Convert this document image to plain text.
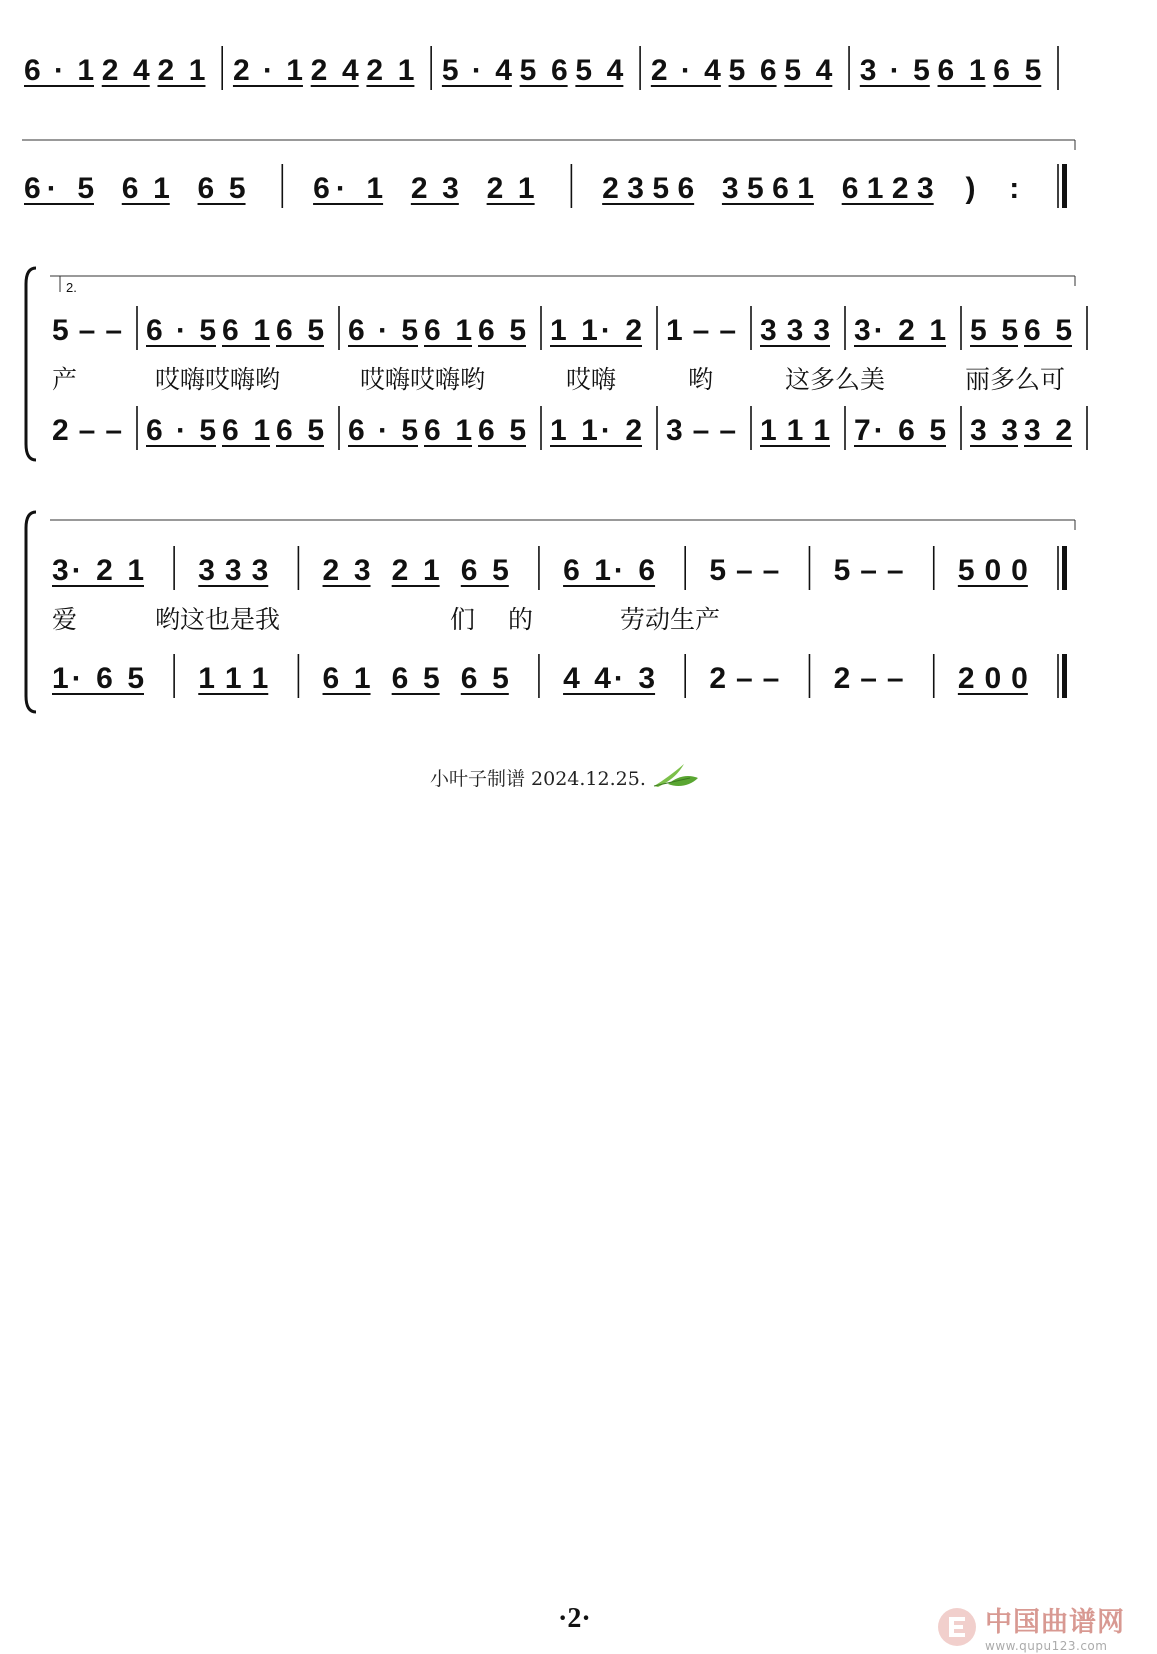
6·1 2 4 2 1 2·1 2 4 2 1 5·4 5 6 5 4 2·4 5 6 5 4 3·5 6 1 6 5
6· 5 6 1 6 5 6· 1 2 3 2 1 2 3 5 6 3 5 6 1 6 1 2 3 ) :
2.
5 – – 6·5 6 1 6 5 6·5 6 1 6 5 1 1· 2 1 – – 3 3 3 3· 2 1 5 5 6 5
产	哎嗨哎嗨哟	哎嗨哎嗨哟	哎嗨	哟	这多么美	丽多么可
2 – – 6·5 6 1 6 5 6·5 6 1 6 5 1 1· 2 3 – – 1 1 1 7· 6 5 3 3 3 2
3· 2 1 3 3 3 2 3 2 1 6 5 6 1· 6 5 – – 5 – – 5 0 0
爱	哟这也是我	们 的	劳动生产
1· 6 5 1 1 1 6 1 6 5 6 5 4 4· 3 2 – – 2 – – 2 0 0
小叶子制谱 2024.12.25.
·2·	中国曲谱网
www.qupu123.com
